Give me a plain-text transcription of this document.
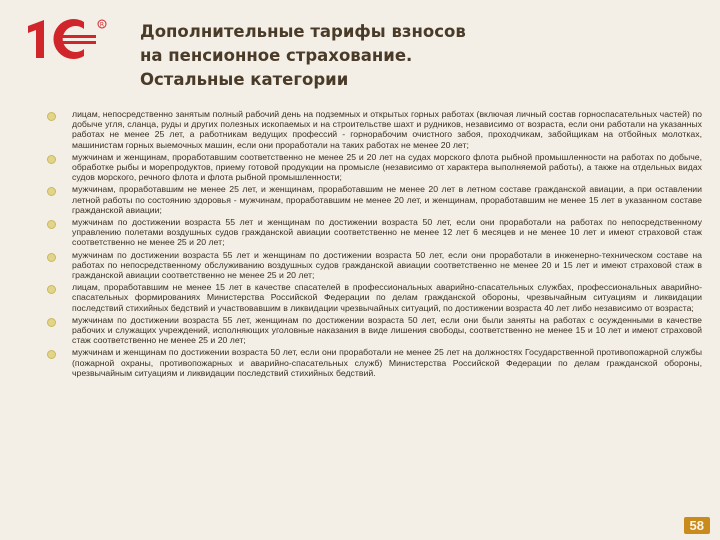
R Дополнительные тарифы взносов
на пенсионное страхование.
Остальные категории
лицам, непосредственно занятым полный рабочий день на подземных и открытых горных работах (включая личный состав горноспасательных частей) по добыче угля, сланца, руды и других полезных ископаемых и на строительстве шахт и рудников, независимо от возраста, если они работали на указанных работах не менее 25 лет, а работникам ведущих профессий - горнорабочим очистного забоя, проходчикам, забойщикам на отбойных молотках, машинистам горных выемочных машин, если они проработали на таких работах не менее 20 лет;
мужчинам и женщинам, проработавшим соответственно не менее 25 и 20 лет на судах морского флота рыбной промышленности на работах по добыче, обработке рыбы и морепродуктов, приему готовой продукции на промысле (независимо от характера выполняемой работы), а также на отдельных видах судов морского, речного флота и флота рыбной промышленности;
мужчинам, проработавшим не менее 25 лет, и женщинам, проработавшим не менее 20 лет в летном составе гражданской авиации, а при оставлении летной работы по состоянию здоровья - мужчинам, проработавшим не менее 20 лет, и женщинам, проработавшим не менее 15 лет в указанном составе гражданской авиации;
мужчинам по достижении возраста 55 лет и женщинам по достижении возраста 50 лет, если они проработали на работах по непосредственному управлению полетами воздушных судов гражданской авиации соответственно не менее 12 лет 6 месяцев и не менее 10 лет и имеют страховой стаж соответственно не менее 25 и 20 лет;
мужчинам по достижении возраста 55 лет и женщинам по достижении возраста 50 лет, если они проработали в инженерно-техническом составе на работах по непосредственному обслуживанию воздушных судов гражданской авиации соответственно не менее 20 и 15 лет и имеют страховой стаж в гражданской авиации соответственно не менее 25 и 20 лет;
лицам, проработавшим не менее 15 лет в качестве спасателей в профессиональных аварийно-спасательных службах, профессиональных аварийно-спасательных формированиях Министерства Российской Федерации по делам гражданской обороны, чрезвычайным ситуациям и ликвидации последствий стихийных бедствий и участвовавшим в ликвидации чрезвычайных ситуаций, по достижении возраста 40 лет либо независимо от возраста;
мужчинам по достижении возраста 55 лет, женщинам по достижении возраста 50 лет, если они были заняты на работах с осужденными в качестве рабочих и служащих учреждений, исполняющих уголовные наказания в виде лишения свободы, соответственно не менее 15 и 10 лет и имеют страховой стаж соответственно не менее 25 и 20 лет;
мужчинам и женщинам по достижении возраста 50 лет, если они проработали не менее 25 лет на должностях Государственной противопожарной службы (пожарной охраны, противопожарных и аварийно-спасательных служб) Министерства Российской Федерации по делам гражданской обороны, чрезвычайным ситуациям и ликвидации последствий стихийных бедствий.
58
